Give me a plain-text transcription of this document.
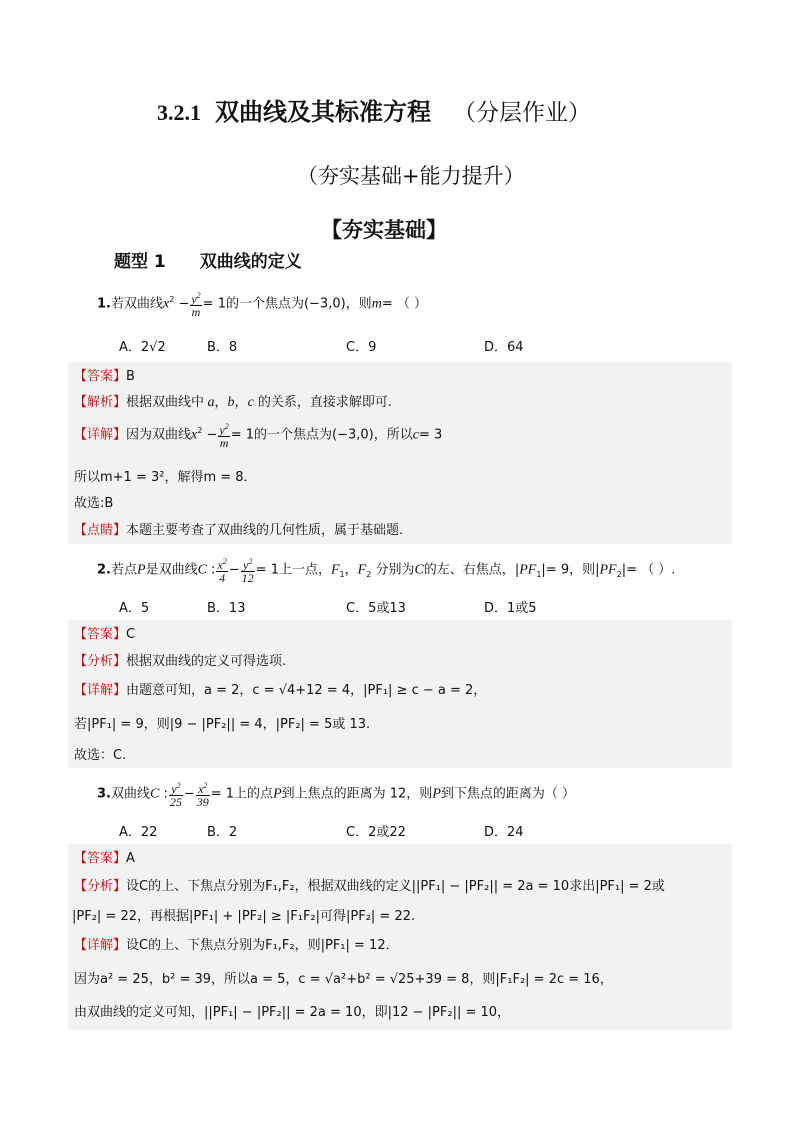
3.2.1 双曲线及其标准方程 （分层作业）
（夯实基础+能力提升）
【夯实基础】
题型 1 双曲线的定义
1.若双曲线$x^2 - \frac{y^2}{m} = 1$的一个焦点为(−3,0)，则m= （ ）
A．2√2	B．8	C．9	D．64
【答案】B
【解析】根据双曲线中 a，b，c 的关系，直接求解即可.
【详解】因为双曲线$x^2 - \frac{y^2}{m} = 1$的一个焦点为(−3,0)，所以c= 3
所以m+1 = 3²，解得m = 8．
故选:B
【点睛】本题主要考查了双曲线的几何性质，属于基础题.
2.若点P是双曲线C : $\frac{x^2}{4} - \frac{y^2}{12} = 1$上一点，$F_1$，$F_2$ 分别为C的左、右焦点，$|PF_1|= 9$，则$|PF_2|=$ （ ）.
A．5	B．13	C．5或13	D．1或5
【答案】C
【分析】根据双曲线的定义可得选项.
【详解】由题意可知，a = 2，c = √4+12 = 4，|PF₁| ≥ c − a = 2，
若|PF₁| = 9，则|9 − |PF₂|| = 4，|PF₂| = 5或 13.
故选：C.
3.双曲线C : $\frac{y^2}{25} - \frac{x^2}{39} = 1$上的点P到上焦点的距离为 12，则P到下焦点的距离为（ ）
A．22	B．2	C．2或22	D．24
【答案】A
【分析】设C的上、下焦点分别为F₁,F₂，根据双曲线的定义||PF₁| − |PF₂|| = 2a = 10求出|PF₁| = 2或
|PF₂| = 22，再根据|PF₁| + |PF₂| ≥ |F₁F₂|可得|PF₂| = 22.
【详解】设C的上、下焦点分别为F₁,F₂，则|PF₁| = 12．
因为a² = 25，b² = 39，所以a = 5，c = √a²+b² = √25+39 = 8，则|F₁F₂| = 2c = 16，
由双曲线的定义可知，||PF₁| − |PF₂|| = 2a = 10，即|12 − |PF₂|| = 10，
